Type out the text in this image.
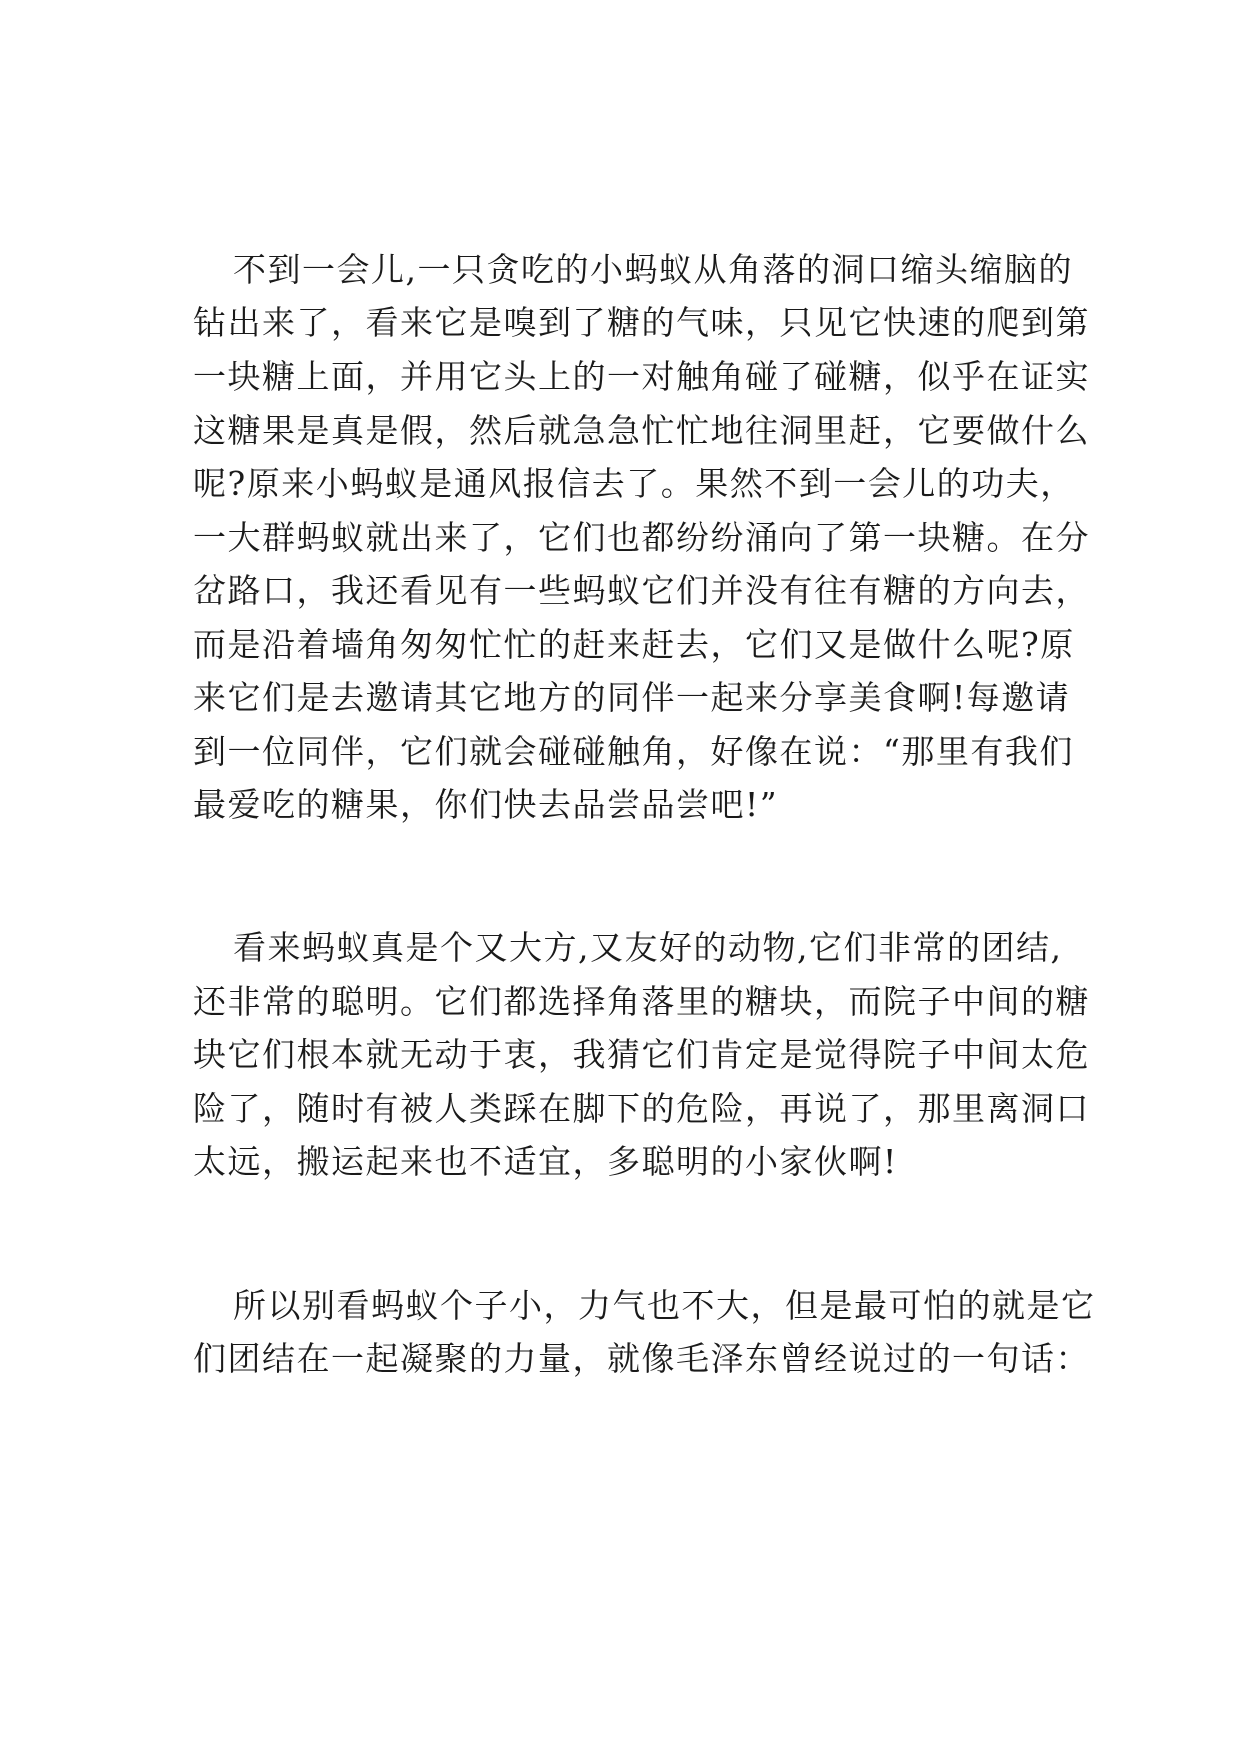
不到一会儿,一只贪吃的小蚂蚁从角落的洞口缩头缩脑的
钻出来了，看来它是嗅到了糖的气味，只见它快速的爬到第
一块糖上面，并用它头上的一对触角碰了碰糖，似乎在证实
这糖果是真是假，然后就急急忙忙地往洞里赶，它要做什么
呢?原来小蚂蚁是通风报信去了。果然不到一会儿的功夫，
一大群蚂蚁就出来了，它们也都纷纷涌向了第一块糖。在分
岔路口，我还看见有一些蚂蚁它们并没有往有糖的方向去，
而是沿着墙角匆匆忙忙的赶来赶去，它们又是做什么呢?原
来它们是去邀请其它地方的同伴一起来分享美食啊!每邀请
到一位同伴，它们就会碰碰触角，好像在说：“那里有我们
最爱吃的糖果，你们快去品尝品尝吧!”
看来蚂蚁真是个又大方,又友好的动物,它们非常的团结,
还非常的聪明。它们都选择角落里的糖块，而院子中间的糖
块它们根本就无动于衷，我猜它们肯定是觉得院子中间太危
险了，随时有被人类踩在脚下的危险，再说了，那里离洞口
太远，搬运起来也不适宜，多聪明的小家伙啊!
所以别看蚂蚁个子小，力气也不大，但是最可怕的就是它
们团结在一起凝聚的力量，就像毛泽东曾经说过的一句话：
